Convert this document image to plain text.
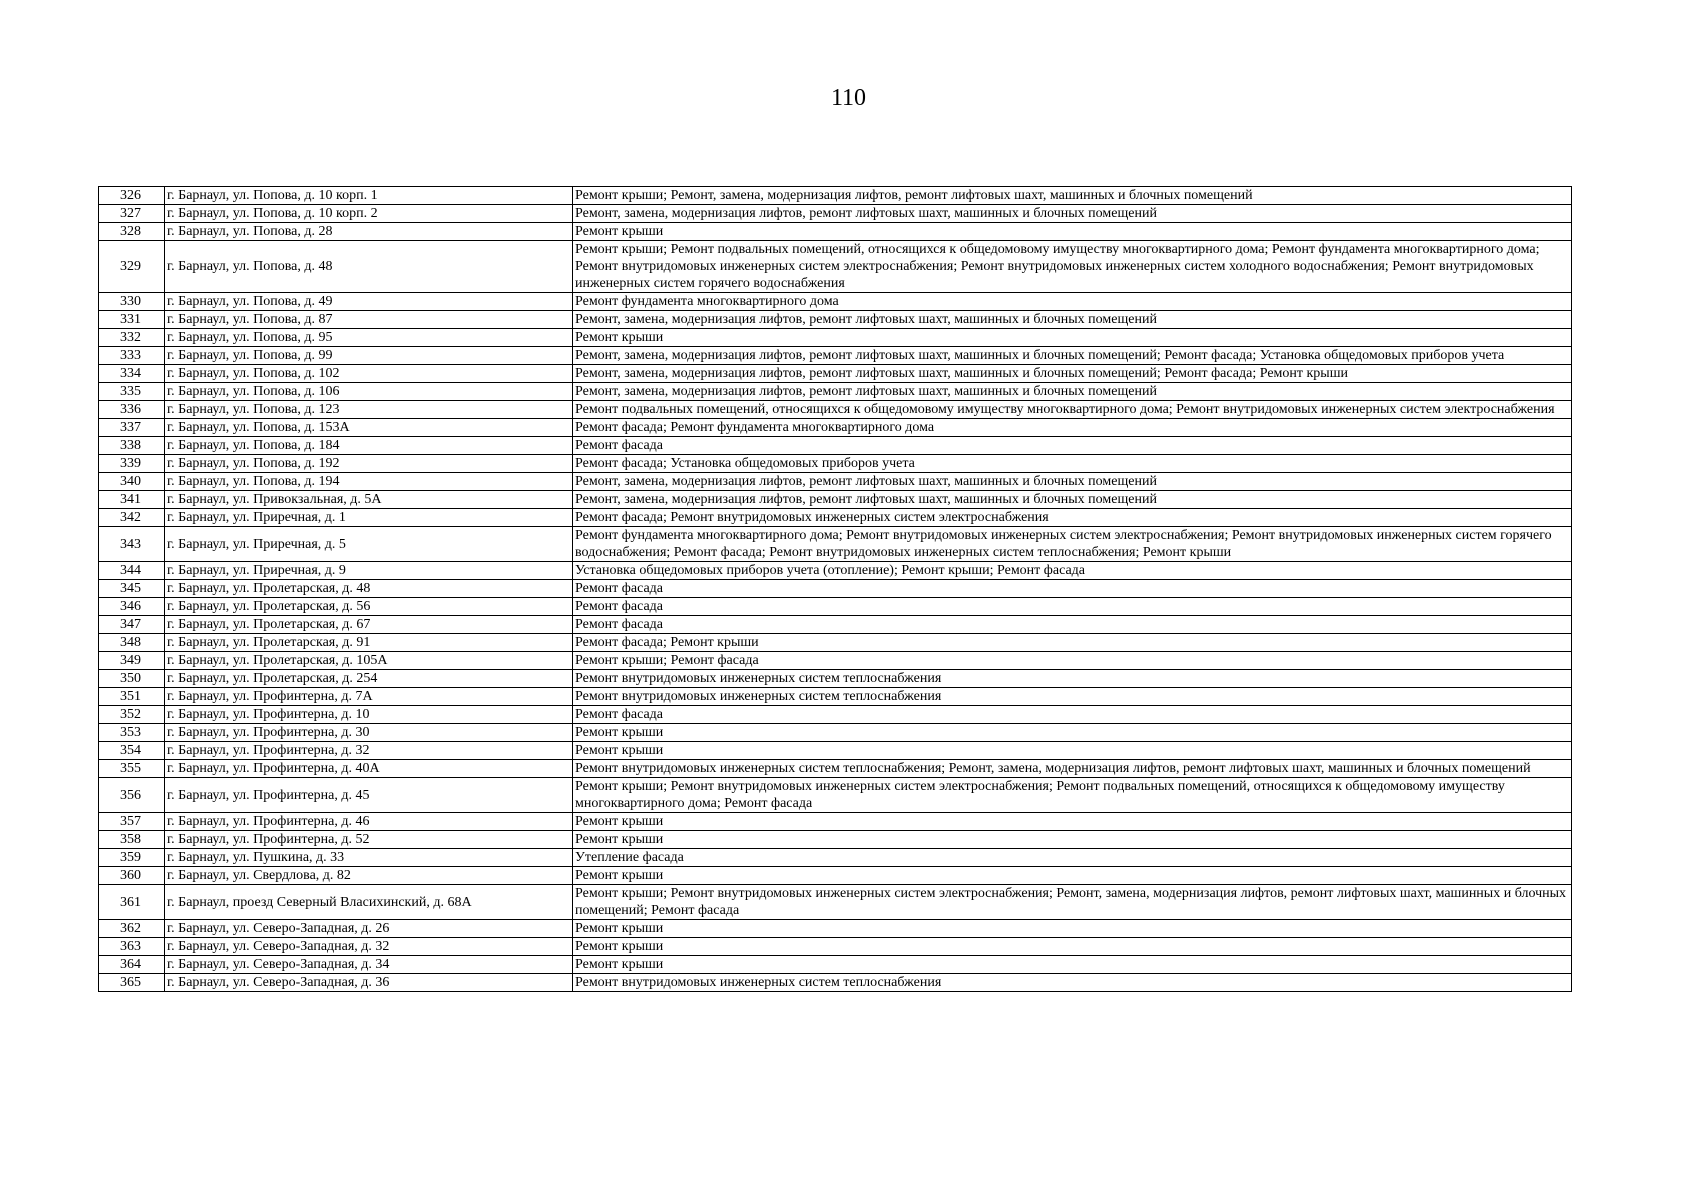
110
326	г. Барнаул, ул. Попова, д. 10 корп. 1	Ремонт крыши; Ремонт, замена, модернизация лифтов, ремонт лифтовых шахт, машинных и блочных помещений
327	г. Барнаул, ул. Попова, д. 10 корп. 2	Ремонт, замена, модернизация лифтов, ремонт лифтовых шахт, машинных и блочных помещений
328	г. Барнаул, ул. Попова, д. 28	Ремонт крыши
329	г. Барнаул, ул. Попова, д. 48	Ремонт крыши; Ремонт подвальных помещений, относящихся к общедомовому имуществу многоквартирного дома; Ремонт фундамента многоквартирного дома; Ремонт внутридомовых инженерных систем электроснабжения; Ремонт внутридомовых инженерных систем холодного водоснабжения; Ремонт внутридомовых инженерных систем горячего водоснабжения
330	г. Барнаул, ул. Попова, д. 49	Ремонт фундамента многоквартирного дома
331	г. Барнаул, ул. Попова, д. 87	Ремонт, замена, модернизация лифтов, ремонт лифтовых шахт, машинных и блочных помещений
332	г. Барнаул, ул. Попова, д. 95	Ремонт крыши
333	г. Барнаул, ул. Попова, д. 99	Ремонт, замена, модернизация лифтов, ремонт лифтовых шахт, машинных и блочных помещений; Ремонт фасада; Установка общедомовых приборов учета
334	г. Барнаул, ул. Попова, д. 102	Ремонт, замена, модернизация лифтов, ремонт лифтовых шахт, машинных и блочных помещений; Ремонт фасада; Ремонт крыши
335	г. Барнаул, ул. Попова, д. 106	Ремонт, замена, модернизация лифтов, ремонт лифтовых шахт, машинных и блочных помещений
336	г. Барнаул, ул. Попова, д. 123	Ремонт подвальных помещений, относящихся к общедомовому имуществу многоквартирного дома; Ремонт внутридомовых инженерных систем электроснабжения
337	г. Барнаул, ул. Попова, д. 153А	Ремонт фасада; Ремонт фундамента многоквартирного дома
338	г. Барнаул, ул. Попова, д. 184	Ремонт фасада
339	г. Барнаул, ул. Попова, д. 192	Ремонт фасада; Установка общедомовых приборов учета
340	г. Барнаул, ул. Попова, д. 194	Ремонт, замена, модернизация лифтов, ремонт лифтовых шахт, машинных и блочных помещений
341	г. Барнаул, ул. Привокзальная, д. 5А	Ремонт, замена, модернизация лифтов, ремонт лифтовых шахт, машинных и блочных помещений
342	г. Барнаул, ул. Приречная, д. 1	Ремонт фасада; Ремонт внутридомовых инженерных систем электроснабжения
343	г. Барнаул, ул. Приречная, д. 5	Ремонт фундамента многоквартирного дома; Ремонт внутридомовых инженерных систем электроснабжения; Ремонт внутридомовых инженерных систем горячего водоснабжения; Ремонт фасада; Ремонт внутридомовых инженерных систем теплоснабжения; Ремонт крыши
344	г. Барнаул, ул. Приречная, д. 9	Установка общедомовых приборов учета (отопление); Ремонт крыши; Ремонт фасада
345	г. Барнаул, ул. Пролетарская, д. 48	Ремонт фасада
346	г. Барнаул, ул. Пролетарская, д. 56	Ремонт фасада
347	г. Барнаул, ул. Пролетарская, д. 67	Ремонт фасада
348	г. Барнаул, ул. Пролетарская, д. 91	Ремонт фасада; Ремонт крыши
349	г. Барнаул, ул. Пролетарская, д. 105А	Ремонт крыши; Ремонт фасада
350	г. Барнаул, ул. Пролетарская, д. 254	Ремонт внутридомовых инженерных систем теплоснабжения
351	г. Барнаул, ул. Профинтерна, д. 7А	Ремонт внутридомовых инженерных систем теплоснабжения
352	г. Барнаул, ул. Профинтерна, д. 10	Ремонт фасада
353	г. Барнаул, ул. Профинтерна, д. 30	Ремонт крыши
354	г. Барнаул, ул. Профинтерна, д. 32	Ремонт крыши
355	г. Барнаул, ул. Профинтерна, д. 40А	Ремонт внутридомовых инженерных систем теплоснабжения; Ремонт, замена, модернизация лифтов, ремонт лифтовых шахт, машинных и блочных помещений
356	г. Барнаул, ул. Профинтерна, д. 45	Ремонт крыши; Ремонт внутридомовых инженерных систем электроснабжения; Ремонт подвальных помещений, относящихся к общедомовому имуществу многоквартирного дома; Ремонт фасада
357	г. Барнаул, ул. Профинтерна, д. 46	Ремонт крыши
358	г. Барнаул, ул. Профинтерна, д. 52	Ремонт крыши
359	г. Барнаул, ул. Пушкина, д. 33	Утепление фасада
360	г. Барнаул, ул. Свердлова, д. 82	Ремонт крыши
361	г. Барнаул, проезд Северный Власихинский, д. 68А	Ремонт крыши; Ремонт внутридомовых инженерных систем электроснабжения; Ремонт, замена, модернизация лифтов, ремонт лифтовых шахт, машинных и блочных помещений; Ремонт фасада
362	г. Барнаул, ул. Северо-Западная, д. 26	Ремонт крыши
363	г. Барнаул, ул. Северо-Западная, д. 32	Ремонт крыши
364	г. Барнаул, ул. Северо-Западная, д. 34	Ремонт крыши
365	г. Барнаул, ул. Северо-Западная, д. 36	Ремонт внутридомовых инженерных систем теплоснабжения
